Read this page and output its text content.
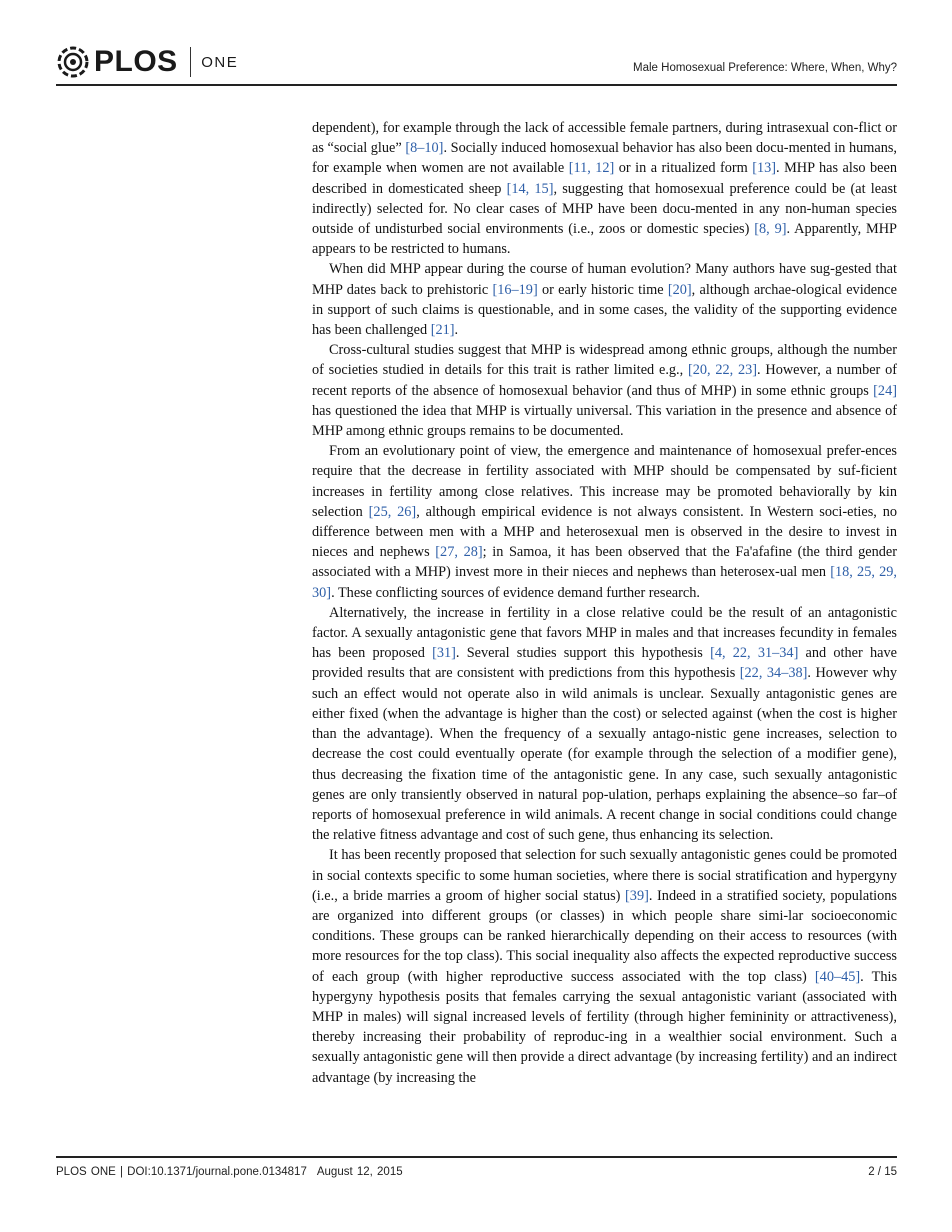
PLOS ONE	Male Homosexual Preference: Where, When, Why?

dependent), for example through the lack of accessible female partners, during intrasexual con-flict or as “social glue” [8–10]. Socially induced homosexual behavior has also been docu-mented in humans, for example when women are not available [11, 12] or in a ritualized form [13]. MHP has also been described in domesticated sheep [14, 15], suggesting that homosexual preference could be (at least indirectly) selected for. No clear cases of MHP have been docu-mented in any non-human species outside of undisturbed social environments (i.e., zoos or domestic species) [8, 9]. Apparently, MHP appears to be restricted to humans.

When did MHP appear during the course of human evolution? Many authors have sug-gested that MHP dates back to prehistoric [16–19] or early historic time [20], although archae-ological evidence in support of such claims is questionable, and in some cases, the validity of the supporting evidence has been challenged [21].

Cross-cultural studies suggest that MHP is widespread among ethnic groups, although the number of societies studied in details for this trait is rather limited e.g., [20, 22, 23]. However, a number of recent reports of the absence of homosexual behavior (and thus of MHP) in some ethnic groups [24] has questioned the idea that MHP is virtually universal. This variation in the presence and absence of MHP among ethnic groups remains to be documented.

From an evolutionary point of view, the emergence and maintenance of homosexual prefer-ences require that the decrease in fertility associated with MHP should be compensated by suf-ficient increases in fertility among close relatives. This increase may be promoted behaviorally by kin selection [25, 26], although empirical evidence is not always consistent. In Western soci-eties, no difference between men with a MHP and heterosexual men is observed in the desire to invest in nieces and nephews [27, 28]; in Samoa, it has been observed that the Fa'afafine (the third gender associated with a MHP) invest more in their nieces and nephews than heterosex-ual men [18, 25, 29, 30]. These conflicting sources of evidence demand further research.

Alternatively, the increase in fertility in a close relative could be the result of an antagonistic factor. A sexually antagonistic gene that favors MHP in males and that increases fecundity in females has been proposed [31]. Several studies support this hypothesis [4, 22, 31–34] and other have provided results that are consistent with predictions from this hypothesis [22, 34–38]. However why such an effect would not operate also in wild animals is unclear. Sexually antagonistic genes are either fixed (when the advantage is higher than the cost) or selected against (when the cost is higher than the advantage). When the frequency of a sexually antago-nistic gene increases, selection to decrease the cost could eventually operate (for example through the selection of a modifier gene), thus decreasing the fixation time of the antagonistic gene. In any case, such sexually antagonistic genes are only transiently observed in natural pop-ulation, perhaps explaining the absence–so far–of reports of homosexual preference in wild animals. A recent change in social conditions could change the relative fitness advantage and cost of such gene, thus enhancing its selection.

It has been recently proposed that selection for such sexually antagonistic genes could be promoted in social contexts specific to some human societies, where there is social stratification and hypergyny (i.e., a bride marries a groom of higher social status) [39]. Indeed in a stratified society, populations are organized into different groups (or classes) in which people share simi-lar socioeconomic conditions. These groups can be ranked hierarchically depending on their access to resources (with more resources for the top class). This social inequality also affects the expected reproductive success of each group (with higher reproductive success associated with the top class) [40–45]. This hypergyny hypothesis posits that females carrying the sexual antagonistic variant (associated with MHP in males) will signal increased levels of fertility (through higher femininity or attractiveness), thereby increasing their probability of reproduc-ing in a wealthier social environment. Such a sexually antagonistic gene will then provide a direct advantage (by increasing fertility) and an indirect advantage (by increasing the

PLOS ONE | DOI:10.1371/journal.pone.0134817 August 12, 2015	2 / 15
